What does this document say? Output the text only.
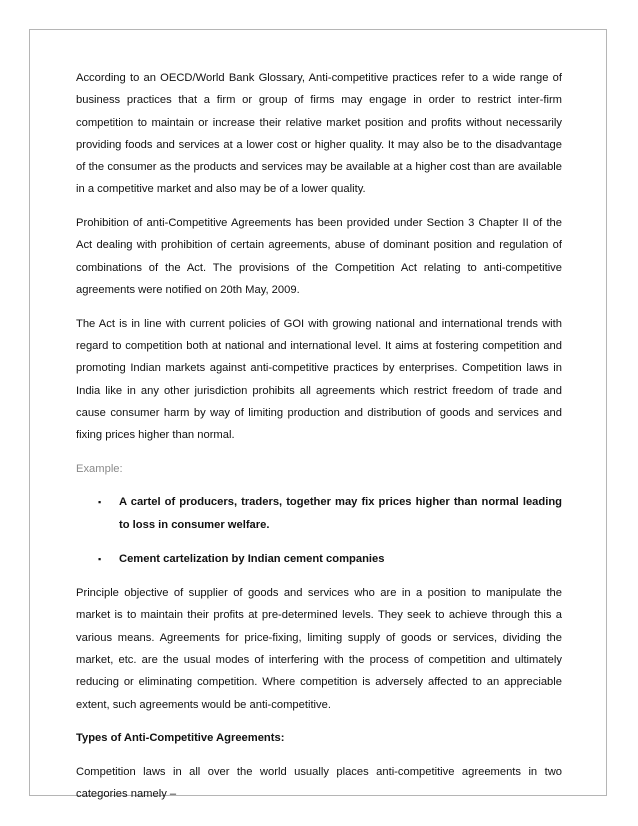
According to an OECD/World Bank Glossary, Anti-competitive practices refer to a wide range of business practices that a firm or group of firms may engage in order to restrict inter-firm competition to maintain or increase their relative market position and profits without necessarily providing foods and services at a lower cost or higher quality. It may also be to the disadvantage of the consumer as the products and services may be available at a higher cost than are available in a competitive market and also may be of a lower quality.

Prohibition of anti-Competitive Agreements has been provided under Section 3 Chapter II of the Act dealing with prohibition of certain agreements, abuse of dominant position and regulation of combinations of the Act. The provisions of the Competition Act relating to anti-competitive agreements were notified on 20th May, 2009.

The Act is in line with current policies of GOI with growing national and international trends with regard to competition both at national and international level. It aims at fostering competition and promoting Indian markets against anti-competitive practices by enterprises. Competition laws in India like in any other jurisdiction prohibits all agreements which restrict freedom of trade and cause consumer harm by way of limiting production and distribution of goods and services and fixing prices higher than normal.

Example:

▪ A cartel of producers, traders, together may fix prices higher than normal leading to loss in consumer welfare.
▪ Cement cartelization by Indian cement companies

Principle objective of supplier of goods and services who are in a position to manipulate the market is to maintain their profits at pre-determined levels. They seek to achieve through this a various means. Agreements for price-fixing, limiting supply of goods or services, dividing the market, etc. are the usual modes of interfering with the process of competition and ultimately reducing or eliminating competition. Where competition is adversely affected to an appreciable extent, such agreements would be anti-competitive.

Types of Anti-Competitive Agreements:

Competition laws in all over the world usually places anti-competitive agreements in two categories namely –
